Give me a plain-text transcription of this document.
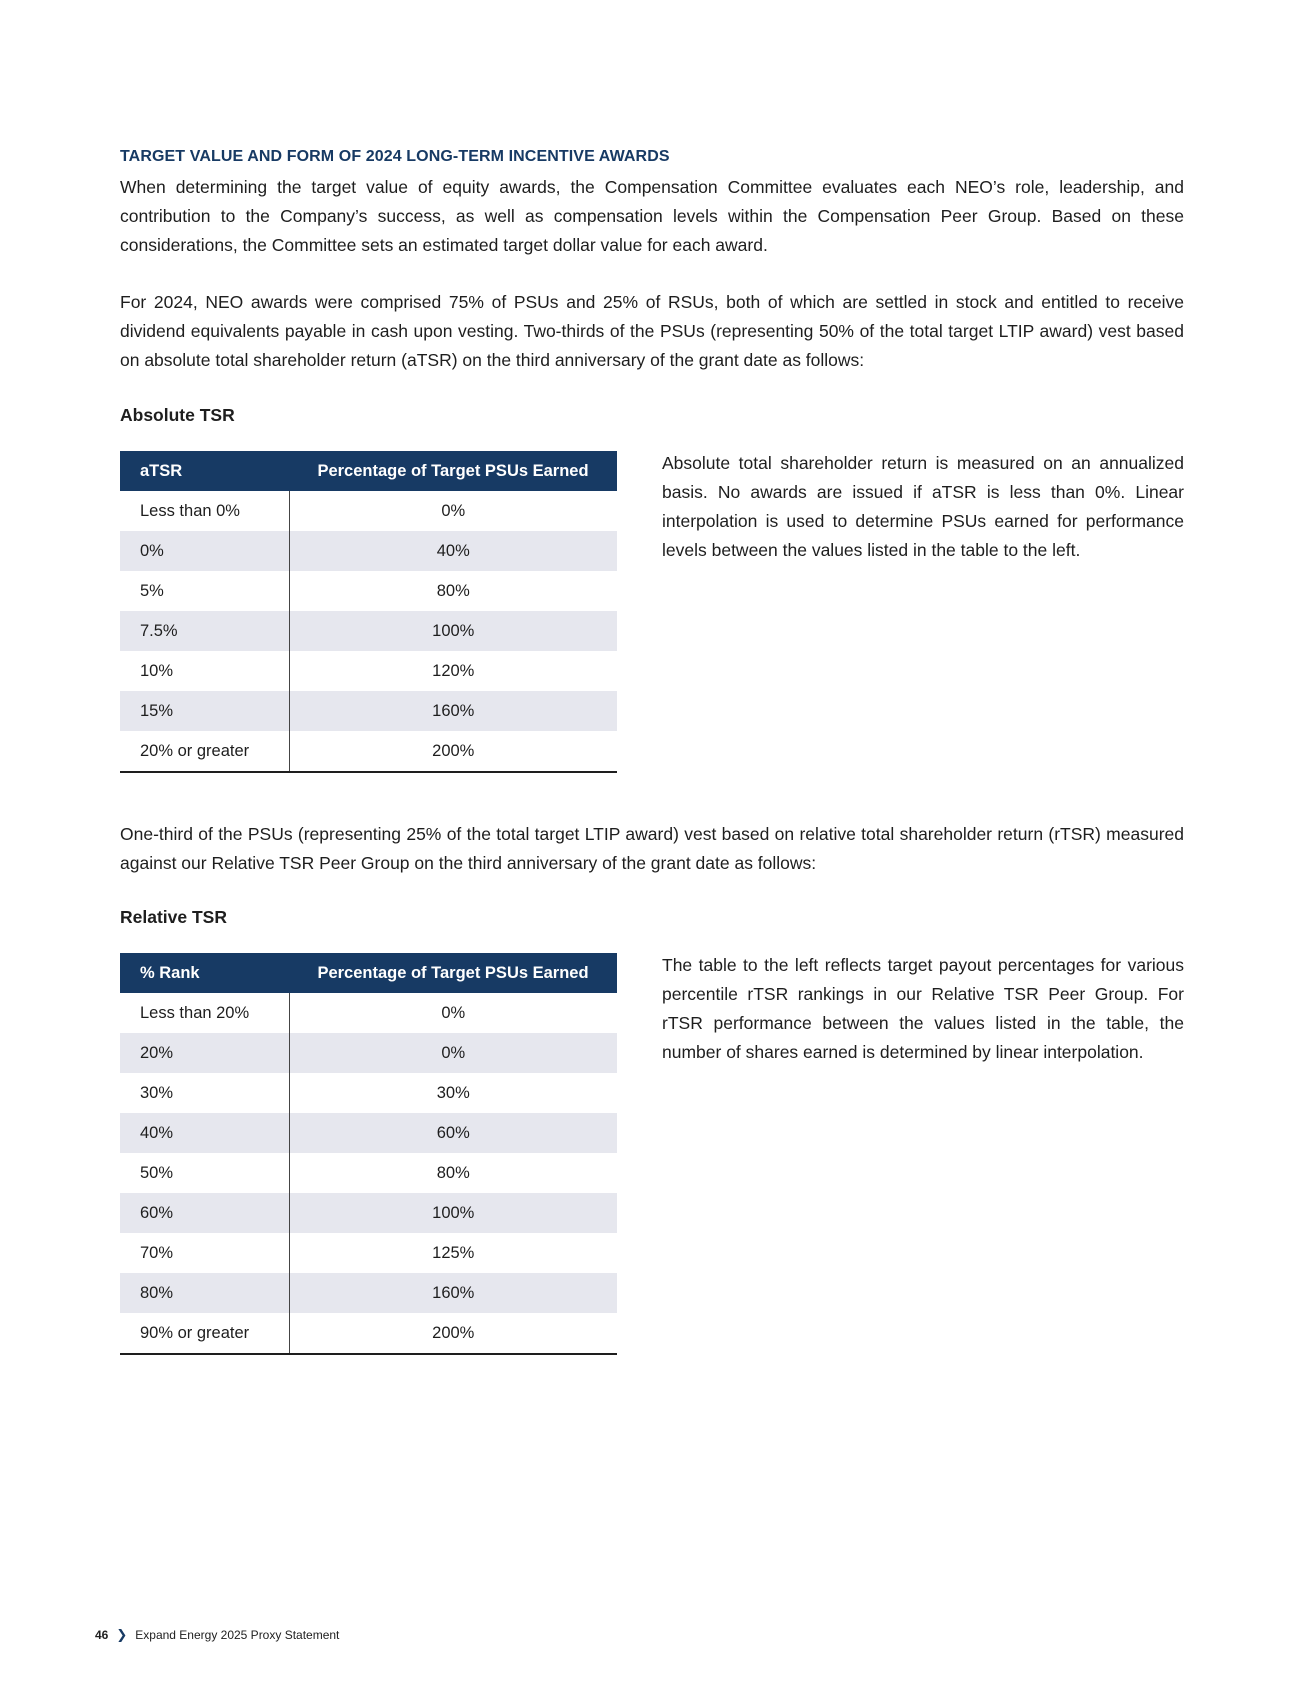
TARGET VALUE AND FORM OF 2024 LONG-TERM INCENTIVE AWARDS

When determining the target value of equity awards, the Compensation Committee evaluates each NEO’s role, leadership, and contribution to the Company’s success, as well as compensation levels within the Compensation Peer Group. Based on these considerations, the Committee sets an estimated target dollar value for each award.

For 2024, NEO awards were comprised 75% of PSUs and 25% of RSUs, both of which are settled in stock and entitled to receive dividend equivalents payable in cash upon vesting. Two-thirds of the PSUs (representing 50% of the total target LTIP award) vest based on absolute total shareholder return (aTSR) on the third anniversary of the grant date as follows:

Absolute TSR
aTSR	Percentage of Target PSUs Earned
Less than 0%	0%
0%	40%
5%	80%
7.5%	100%
10%	120%
15%	160%
20% or greater	200%

Absolute total shareholder return is measured on an annualized basis. No awards are issued if aTSR is less than 0%. Linear interpolation is used to determine PSUs earned for performance levels between the values listed in the table to the left.

One-third of the PSUs (representing 25% of the total target LTIP award) vest based on relative total shareholder return (rTSR) measured against our Relative TSR Peer Group on the third anniversary of the grant date as follows:

Relative TSR
% Rank	Percentage of Target PSUs Earned
Less than 20%	0%
20%	0%
30%	30%
40%	60%
50%	80%
60%	100%
70%	125%
80%	160%
90% or greater	200%

The table to the left reflects target payout percentages for various percentile rTSR rankings in our Relative TSR Peer Group. For rTSR performance between the values listed in the table, the number of shares earned is determined by linear interpolation.

46 ❯ Expand Energy 2025 Proxy Statement
